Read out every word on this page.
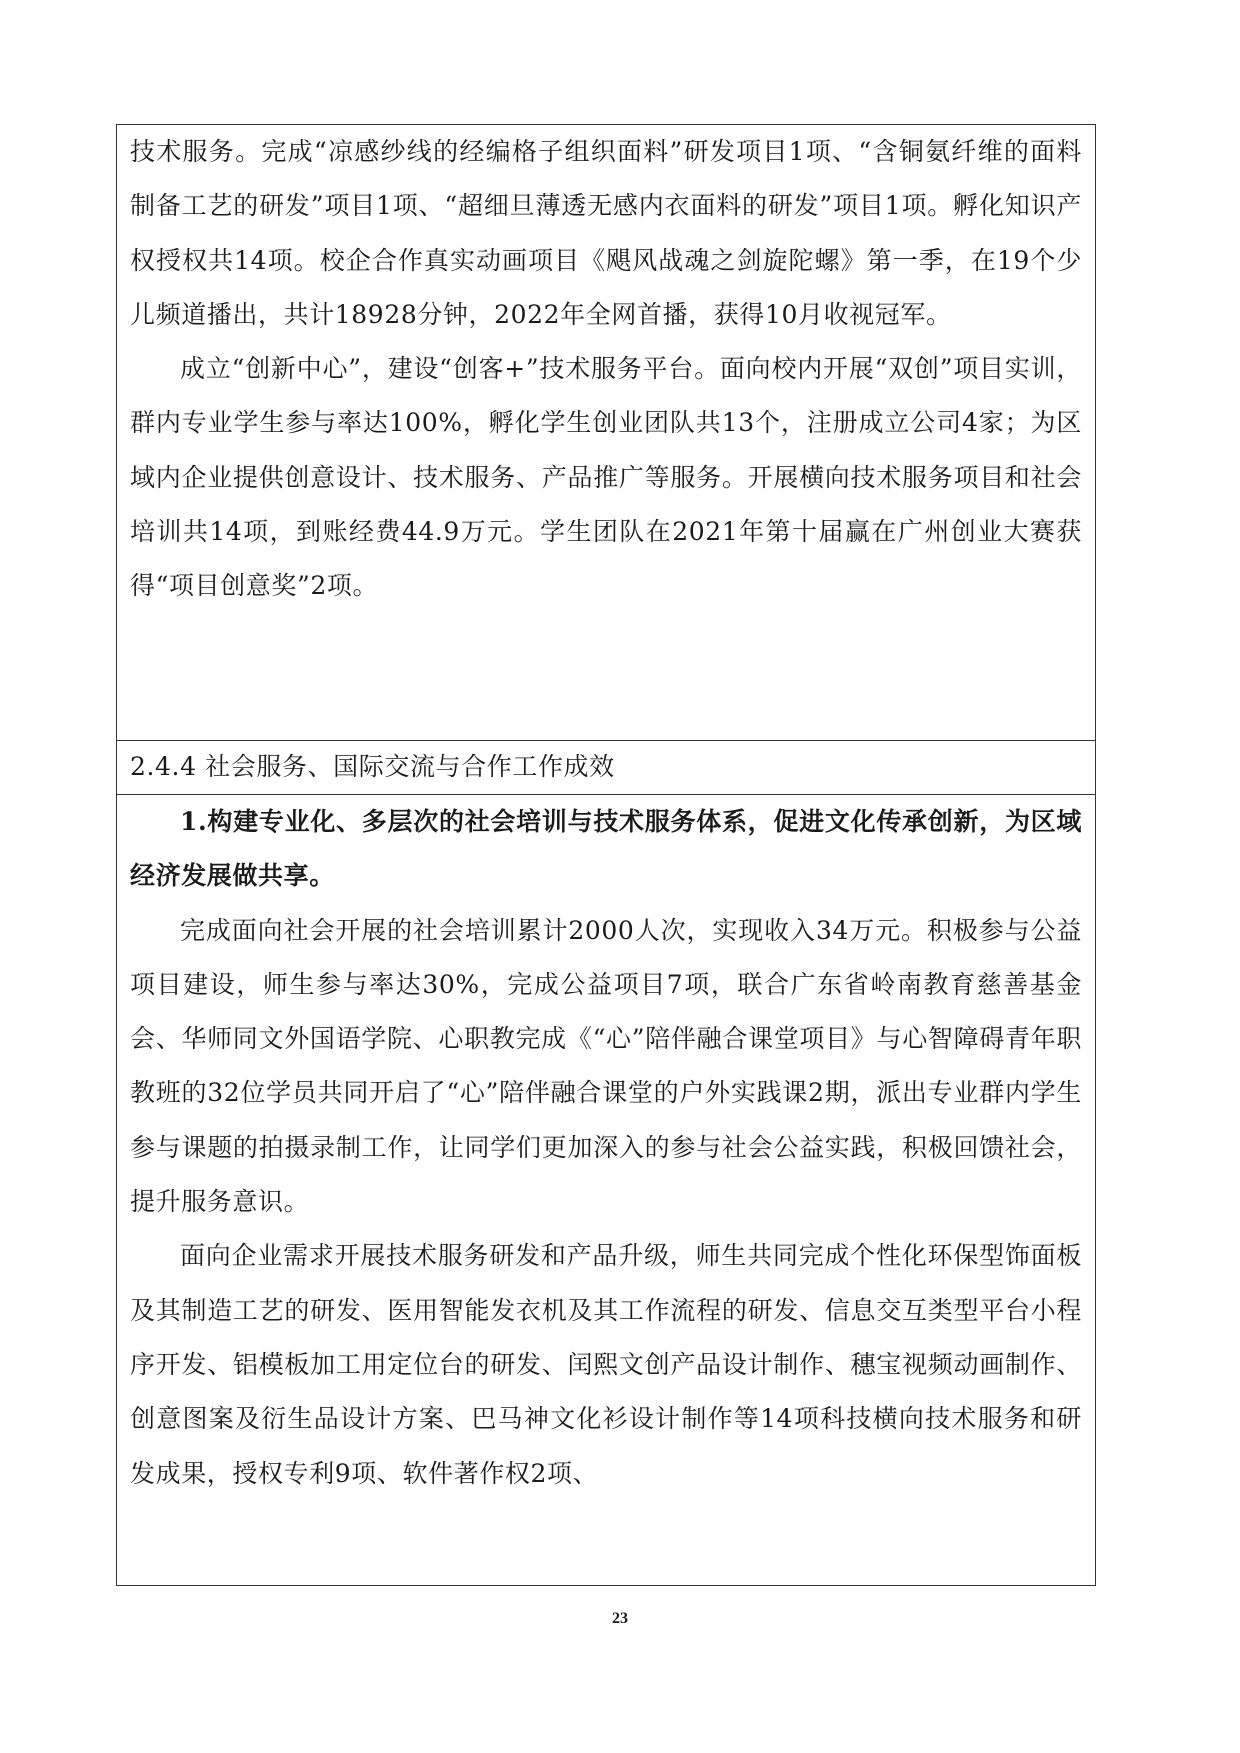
技术服务。完成“凉感纱线的经编格子组织面料”研发项目1项、“含铜氨纤维的面料制备工艺的研发”项目1项、“超细旦薄透无感内衣面料的研发”项目1项。孵化知识产权授权共14项。校企合作真实动画项目《飓风战魂之剑旋陀螺》第一季，在19个少儿频道播出，共计18928分钟，2022年全网首播，获得10月收视冠军。

成立“创新中心”，建设“创客+”技术服务平台。面向校内开展“双创”项目实训，群内专业学生参与率达100%，孵化学生创业团队共13个，注册成立公司4家；为区域内企业提供创意设计、技术服务、产品推广等服务。开展横向技术服务项目和社会培训共14项，到账经费44.9万元。学生团队在2021年第十届赢在广州创业大赛获得“项目创意奖”2项。

2.4.4 社会服务、国际交流与合作工作成效

1.构建专业化、多层次的社会培训与技术服务体系，促进文化传承创新，为区域经济发展做共享。

完成面向社会开展的社会培训累计2000人次，实现收入34万元。积极参与公益项目建设，师生参与率达30%，完成公益项目7项，联合广东省岭南教育慈善基金会、华师同文外国语学院、心职教完成《“心”陪伴融合课堂项目》与心智障碍青年职教班的32位学员共同开启了“心”陪伴融合课堂的户外实践课2期，派出专业群内学生参与课题的拍摄录制工作，让同学们更加深入的参与社会公益实践，积极回馈社会，提升服务意识。

面向企业需求开展技术服务研发和产品升级，师生共同完成个性化环保型饰面板及其制造工艺的研发、医用智能发衣机及其工作流程的研发、信息交互类型平台小程序开发、铝模板加工用定位台的研发、闰熙文创产品设计制作、穗宝视频动画制作、创意图案及衍生品设计方案、巴马神文化衫设计制作等14项科技横向技术服务和研发成果，授权专利9项、软件著作权2项、

23
